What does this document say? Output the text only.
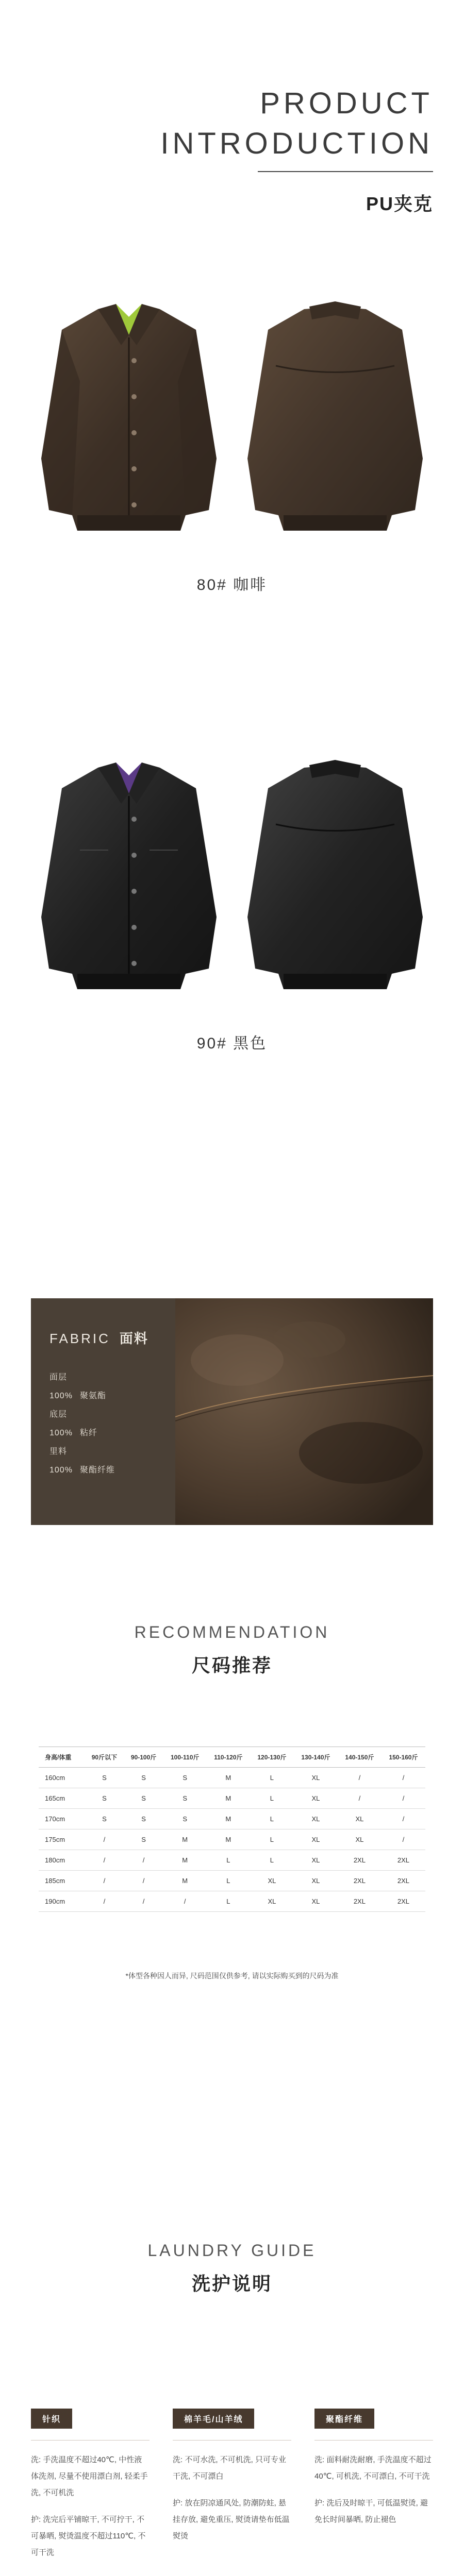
PRODUCT
INTRODUCTION
PU夹克
80# 咖啡
90# 黑色
FABRIC 面料
面层
100% 聚氨酯
底层
100% 粘纤
里料
100% 聚酯纤维
RECOMMENDATION
尺码推荐
身高/体重	90斤以下	90-100斤	100-110斤	110-120斤	120-130斤	130-140斤	140-150斤	150-160斤
160cm	S	S	S	M	L	XL	/	/
165cm	S	S	S	M	L	XL	/	/
170cm	S	S	S	M	L	XL	XL	/
175cm	/	S	M	M	L	XL	XL	/
180cm	/	/	M	L	L	XL	2XL	2XL
185cm	/	/	M	L	XL	XL	2XL	2XL
190cm	/	/	/	L	XL	XL	2XL	2XL
*体型各种因人而异, 尺码范围仅供参考, 请以实际购买到的尺码为准
LAUNDRY GUIDE
洗护说明
针织
洗: 手洗温度不超过40℃, 中性液体洗剂, 尽量不使用漂白剂, 轻柔手洗, 不可机洗
护: 洗完后平铺晾干, 不可拧干, 不可暴晒, 熨烫温度不超过110℃, 不可干洗
棉羊毛/山羊绒
洗: 不可水洗, 不可机洗, 只可专业干洗, 不可漂白
护: 放在阴凉通风处, 防潮防蛀, 悬挂存放, 避免重压, 熨烫请垫布低温熨烫
聚酯纤维
洗: 面料耐洗耐磨, 手洗温度不超过40℃, 可机洗, 不可漂白, 不可干洗
护: 洗后及时晾干, 可低温熨烫, 避免长时间暴晒, 防止褪色
